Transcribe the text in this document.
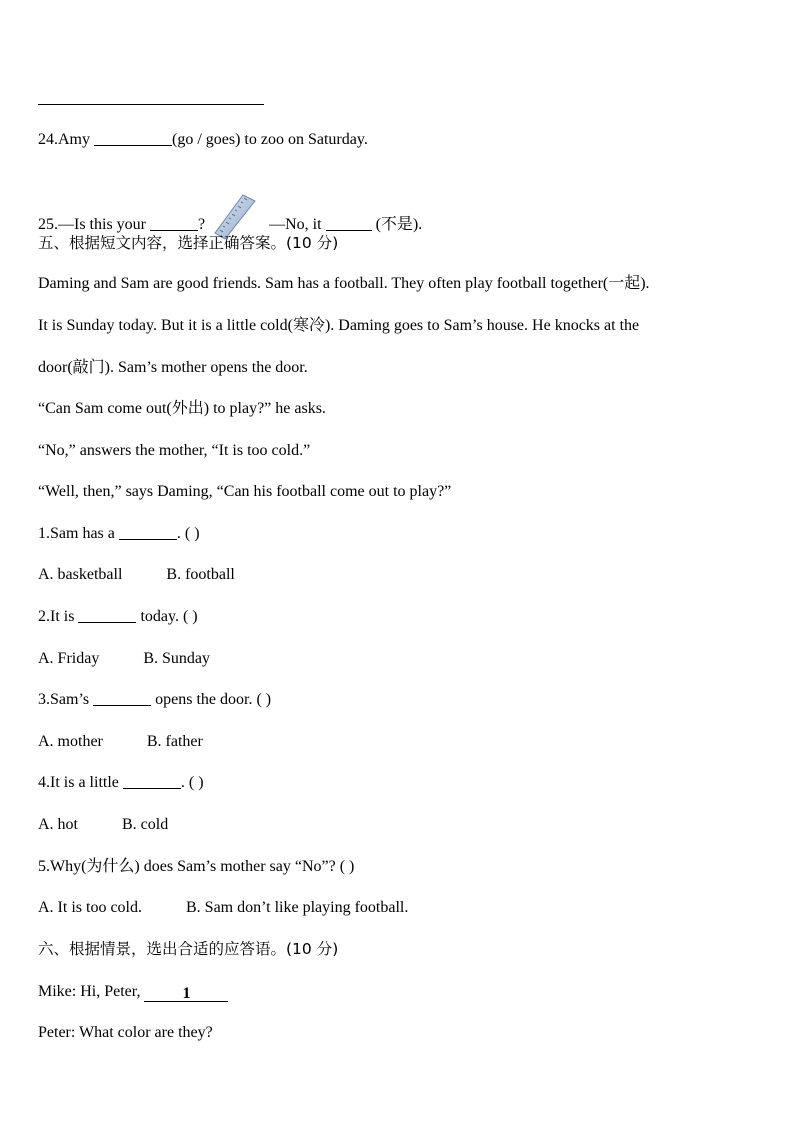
24.Amy	(go / goes) to zoo on Saturday.
25.—Is this your	?	—No, it	(不是).
五、根据短文内容，选择正确答案。(10 分)
Daming and Sam are good friends. Sam has a football. They often play football together(一起).
It is Sunday today. But it is a little cold(寒冷). Daming goes to Sam’s house. He knocks at the
door(敲门). Sam’s mother opens the door.
“Can Sam come out(外出) to play?” he asks.
“No,” answers the mother, “It is too cold.”
“Well, then,” says Daming, “Can his football come out to play?”
1.Sam has a	. ( )
A. basketball	B. football
2.It is	today. ( )
A. Friday	B. Sunday
3.Sam’s	opens the door. ( )
A. mother	B. father
4.It is a little	. ( )
A. hot	B. cold
5.Why(为什么) does Sam’s mother say “No”? ( )
A. It is too cold.	B. Sam don’t like playing football.
六、根据情景，选出合适的应答语。(10 分)
Mike: Hi, Peter, 1
Peter: What color are they?
